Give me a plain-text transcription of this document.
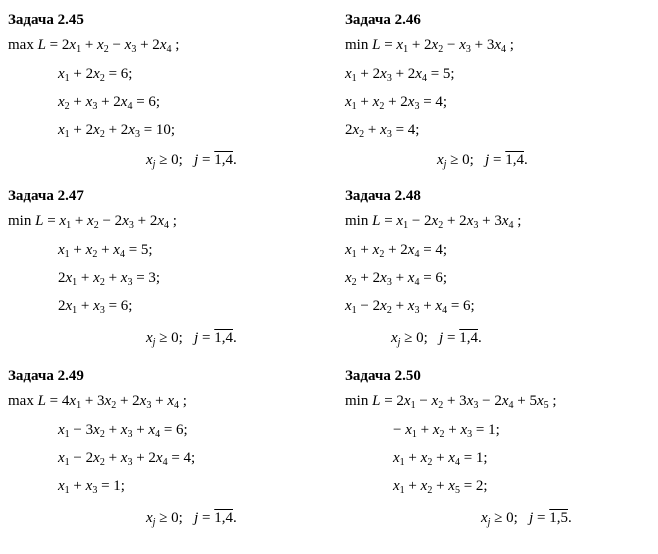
Задача 2.45
$\max L = 2x_1 + x_2 - x_3 + 2x_4$ ;
$x_1 + 2x_2 = 6$;
$x_2 + x_3 + 2x_4 = 6$;
$x_1 + 2x_2 + 2x_3 = 10$;
$x_j \ge 0$;   j = 1,4.
Задача 2.46
$\min L = x_1 + 2x_2 - x_3 + 3x_4$ ;
$x_1 + 2x_3 + 2x_4 = 5$;
$x_1 + x_2 + 2x_3 = 4$;
$2x_2 + x_3 = 4$;
$x_j \ge 0$;   j = 1,4.
Задача 2.47
$\min L = x_1 + x_2 - 2x_3 + 2x_4$ ;
$x_1 + x_2 + x_4 = 5$;
$2x_1 + x_2 + x_3 = 3$;
$2x_1 + x_3 = 6$;
$x_j \ge 0$;   j = 1,4.
Задача 2.48
$\min L = x_1 - 2x_2 + 2x_3 + 3x_4$ ;
$x_1 + x_2 + 2x_4 = 4$;
$x_2 + 2x_3 + x_4 = 6$;
$x_1 - 2x_2 + x_3 + x_4 = 6$;
$x_j \ge 0$;   j = 1,4.
Задача 2.49
$\max L = 4x_1 + 3x_2 + 2x_3 + x_4$ ;
$x_1 - 3x_2 + x_3 + x_4 = 6$;
$x_1 - 2x_2 + x_3 + 2x_4 = 4$;
$x_1 + x_3 = 1$;
$x_j \ge 0$;   j = 1,4.
Задача 2.50
$\min L = 2x_1 - x_2 + 3x_3 - 2x_4 + 5x_5$ ;
− $x_1 + x_2 + x_3 = 1$;
$x_1 + x_2 + x_4 = 1$;
$x_1 + x_2 + x_5 = 2$;
$x_j \ge 0$;   j = 1,5.
